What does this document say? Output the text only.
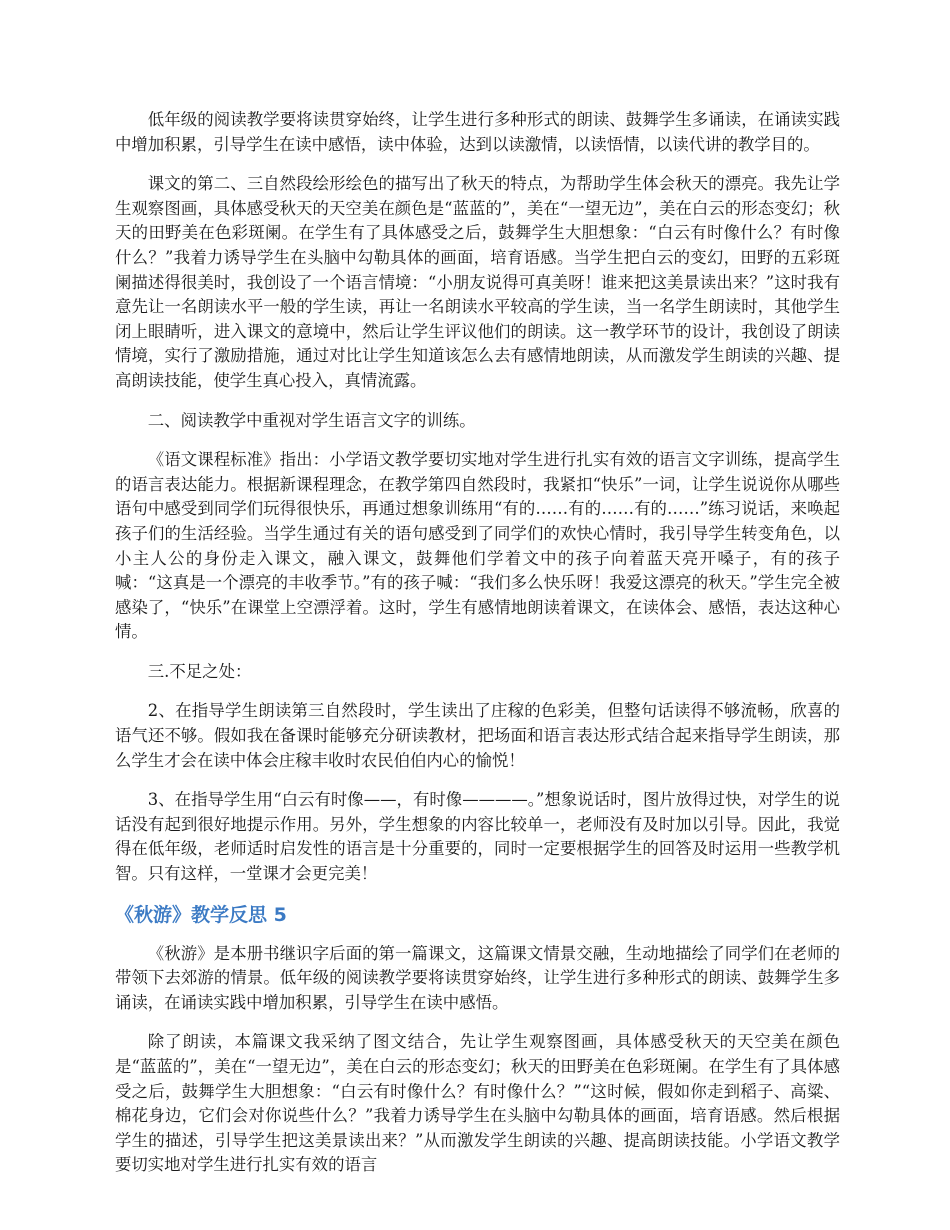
低年级的阅读教学要将读贯穿始终，让学生进行多种形式的朗读、鼓舞学生多诵读，在诵读实践中增加积累，引导学生在读中感悟，读中体验，达到以读激情，以读悟情，以读代讲的教学目的。

课文的第二、三自然段绘形绘色的描写出了秋天的特点，为帮助学生体会秋天的漂亮。我先让学生观察图画，具体感受秋天的天空美在颜色是“蓝蓝的”，美在“一望无边”，美在白云的形态变幻；秋天的田野美在色彩斑阑。在学生有了具体感受之后，鼓舞学生大胆想象：“白云有时像什么？有时像什么？”我着力诱导学生在头脑中勾勒具体的画面，培育语感。当学生把白云的变幻，田野的五彩斑阑描述得很美时，我创设了一个语言情境：“小朋友说得可真美呀！谁来把这美景读出来？”这时我有意先让一名朗读水平一般的学生读，再让一名朗读水平较高的学生读，当一名学生朗读时，其他学生闭上眼睛听，进入课文的意境中，然后让学生评议他们的朗读。这一教学环节的设计，我创设了朗读情境，实行了激励措施，通过对比让学生知道该怎么去有感情地朗读，从而激发学生朗读的兴趣、提高朗读技能，使学生真心投入，真情流露。

二、阅读教学中重视对学生语言文字的训练。

《语文课程标准》指出：小学语文教学要切实地对学生进行扎实有效的语言文字训练，提高学生的语言表达能力。根据新课程理念，在教学第四自然段时，我紧扣“快乐”一词，让学生说说你从哪些语句中感受到同学们玩得很快乐，再通过想象训练用“有的……有的……有的……”练习说话，来唤起孩子们的生活经验。当学生通过有关的语句感受到了同学们的欢快心情时，我引导学生转变角色，以小主人公的身份走入课文，融入课文，鼓舞他们学着文中的孩子向着蓝天亮开嗓子，有的孩子喊：“这真是一个漂亮的丰收季节。”有的孩子喊：“我们多么快乐呀！我爱这漂亮的秋天。”学生完全被感染了，“快乐”在课堂上空漂浮着。这时，学生有感情地朗读着课文，在读体会、感悟，表达这种心情。

三.不足之处：

2、在指导学生朗读第三自然段时，学生读出了庄稼的色彩美，但整句话读得不够流畅，欣喜的语气还不够。假如我在备课时能够充分研读教材，把场面和语言表达形式结合起来指导学生朗读，那么学生才会在读中体会庄稼丰收时农民伯伯内心的愉悦！

3、在指导学生用“白云有时像——，有时像————。”想象说话时，图片放得过快，对学生的说话没有起到很好地提示作用。另外，学生想象的内容比较单一，老师没有及时加以引导。因此，我觉得在低年级，老师适时启发性的语言是十分重要的，同时一定要根据学生的回答及时运用一些教学机智。只有这样，一堂课才会更完美！

《秋游》教学反思 5

《秋游》是本册书继识字后面的第一篇课文，这篇课文情景交融，生动地描绘了同学们在老师的带领下去郊游的情景。低年级的阅读教学要将读贯穿始终，让学生进行多种形式的朗读、鼓舞学生多诵读，在诵读实践中增加积累，引导学生在读中感悟。

除了朗读，本篇课文我采纳了图文结合，先让学生观察图画，具体感受秋天的天空美在颜色是“蓝蓝的”，美在“一望无边”，美在白云的形态变幻；秋天的田野美在色彩斑阑。在学生有了具体感受之后，鼓舞学生大胆想象：“白云有时像什么？有时像什么？”“这时候，假如你走到稻子、高粱、棉花身边，它们会对你说些什么？”我着力诱导学生在头脑中勾勒具体的画面，培育语感。然后根据学生的描述，引导学生把这美景读出来？”从而激发学生朗读的兴趣、提高朗读技能。小学语文教学要切实地对学生进行扎实有效的语言
